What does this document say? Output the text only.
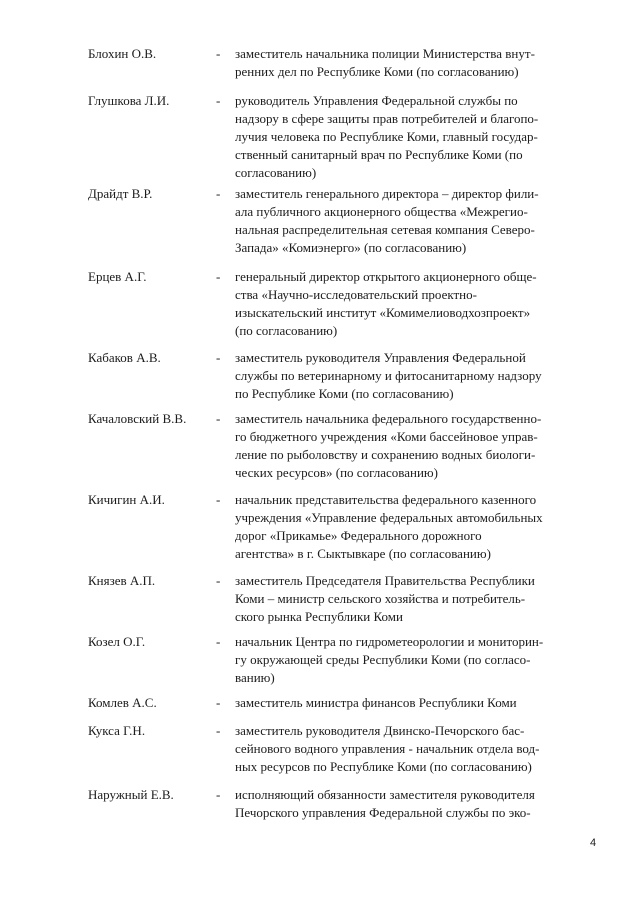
Блохин О.В.	- заместитель начальника полиции Министерства внут-
ренних дел по Республике Коми (по согласованию)
Глушкова Л.И.	- руководитель Управления Федеральной службы по
надзору в сфере защиты прав потребителей и благопо-
лучия человека по Республике Коми, главный государ-
ственный санитарный врач по Республике Коми (по
согласованию)
Драйдт В.Р.	- заместитель генерального директора – директор фили-
ала публичного акционерного общества «Межрегио-
нальная распределительная сетевая компания Северо-
Запада» «Комиэнерго» (по согласованию)
Ерцев А.Г.	- генеральный директор открытого акционерного обще-
ства «Научно-исследовательский проектно-
изыскательский институт «Комимелиоводхозпроект»
(по согласованию)
Кабаков А.В.	- заместитель руководителя Управления Федеральной
службы по ветеринарному и фитосанитарному надзору
по Республике Коми (по согласованию)
Качаловский В.В. - заместитель начальника федерального государственно-
го бюджетного учреждения «Коми бассейновое управ-
ление по рыболовству и сохранению водных биологи-
ческих ресурсов» (по согласованию)
Кичигин А.И.	- начальник представительства федерального казенного
учреждения «Управление федеральных автомобильных
дорог «Прикамье» Федерального дорожного
агентства» в г. Сыктывкаре (по согласованию)
Князев А.П.	- заместитель Председателя Правительства Республики
Коми – министр сельского хозяйства и потребитель-
ского рынка Республики Коми
Козел О.Г.	- начальник Центра по гидрометеорологии и мониторин-
гу окружающей среды Республики Коми (по согласо-
ванию)
Комлев А.С.	- заместитель министра финансов Республики Коми
Кукса Г.Н.	- заместитель руководителя Двинско-Печорского бас-
сейнового водного управления - начальник отдела вод-
ных ресурсов по Республике Коми (по согласованию)
Наружный Е.В.	- исполняющий обязанности заместителя руководителя
Печорского управления Федеральной службы по эко-
4
